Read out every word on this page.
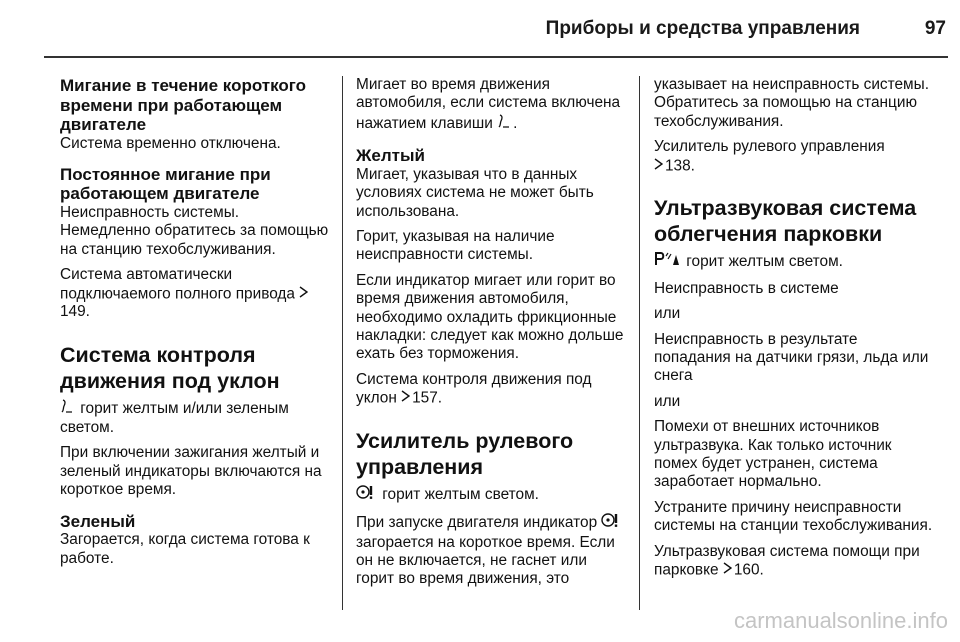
Приборы и средства управления	97
Мигание в течение короткого времени при работающем двигателе

Система временно отключена.

Постоянное мигание при работающем двигателе

Неисправность системы. Немедленно обратитесь за помощью на станцию техобслуживания.

Система автоматически подключаемого полного привода 149.

Система контроля движения под уклон

горит желтым и/или зеленым светом.

При включении зажигания желтый и зеленый индикаторы включаются на короткое время.

Зеленый

Загорается, когда система готова к работе.

Мигает во время движения автомобиля, если система включена нажатием клавиши .

Желтый

Мигает, указывая что в данных условиях система не может быть использована.

Горит, указывая на наличие неисправности системы.

Если индикатор мигает или горит во время движения автомобиля, необходимо охладить фрикционные накладки: следует как можно дольше ехать без торможения.

Система контроля движения под уклон 157.

Усилитель рулевого управления

горит желтым светом.

При запуске двигателя индикатор  загорается на короткое время. Если он не включается, не гаснет или горит во время движения, это

указывает на неисправность системы. Обратитесь за помощью на станцию техобслуживания.

Усилитель рулевого управления
138.

Ультразвуковая система облегчения парковки

горит желтым светом.

Неисправность в системе

или

Неисправность в результате попадания на датчики грязи, льда или снега

или

Помехи от внешних источников ультразвука. Как только источник помех будет устранен, система заработает нормально.

Устраните причину неисправности системы на станции техобслуживания.

Ультразвуковая система помощи при парковке 160.

carmanualsonline.info
